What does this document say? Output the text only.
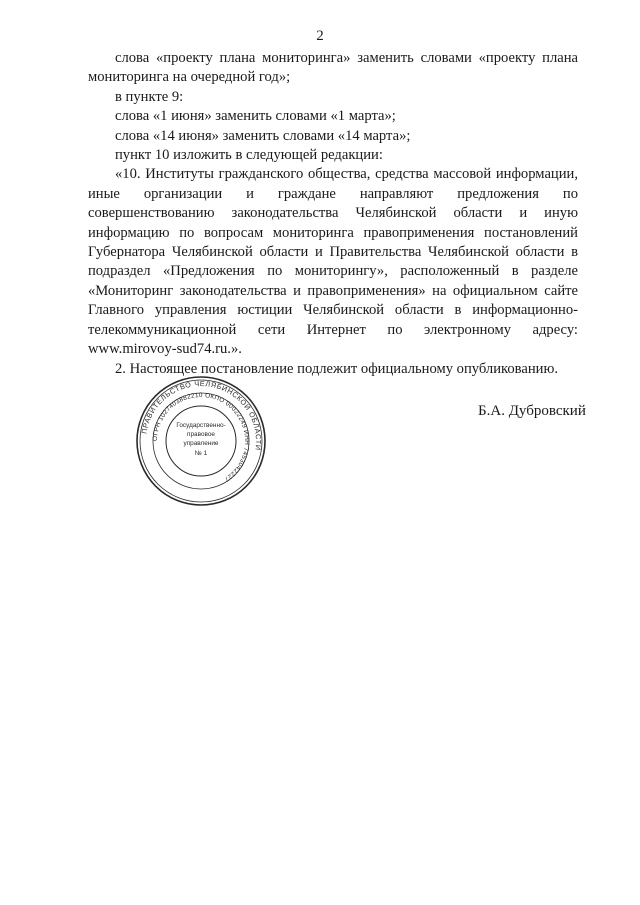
2

слова «проекту плана мониторинга» заменить словами «проекту плана мониторинга на очередной год»;

в пункте 9:

слова «1 июня» заменить словами «1 марта»;

слова «14 июня» заменить словами «14 марта»;

пункт 10 изложить в следующей редакции:

«10. Институты гражданского общества, средства массовой информации, иные организации и граждане направляют предложения по совершенствованию законодательства Челябинской области и иную информацию по вопросам мониторинга правоприменения постановлений Губернатора Челябинской области и Правительства Челябинской области в подраздел «Предложения по мониторингу», расположенный в разделе «Мониторинг законодательства и правоприменения» на официальном сайте Главного управления юстиции Челябинской области в информационно-телекоммуникационной сети Интернет по электронному адресу: www.mirovoy-sud74.ru.».

2. Настоящее постановление подлежит официальному опубликованию.

ПРАВИТЕЛЬСТВО ЧЕЛЯБИНСКОЙ ОБЛАСТИ
ОГРН 1027403882210 ОКПО 00022249 ИНН 7453042227
Государственно-
правовое
управление
№ 1
Б.А. Дубровский
